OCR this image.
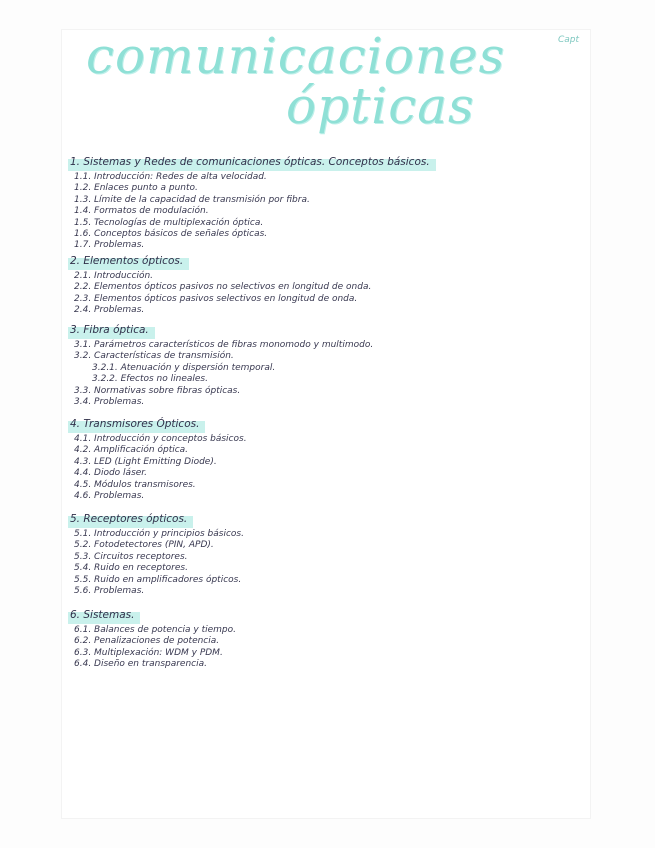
comunicaciones
ópticas
Capt
1. Sistemas y Redes de comunicaciones ópticas. Conceptos básicos.
1.1. Introducción: Redes de alta velocidad.
1.2. Enlaces punto a punto.
1.3. Límite de la capacidad de transmisión por fibra.
1.4. Formatos de modulación.
1.5. Tecnologías de multiplexación óptica.
1.6. Conceptos básicos de señales ópticas.
1.7. Problemas.
2. Elementos ópticos.
2.1. Introducción.
2.2. Elementos ópticos pasivos no selectivos en longitud de onda.
2.3. Elementos ópticos pasivos selectivos en longitud de onda.
2.4. Problemas.
3. Fibra óptica.
3.1. Parámetros característicos de fibras monomodo y multimodo.
3.2. Características de transmisión.
3.2.1. Atenuación y dispersión temporal.
3.2.2. Efectos no lineales.
3.3. Normativas sobre fibras ópticas.
3.4. Problemas.
4. Transmisores Ópticos.
4.1. Introducción y conceptos básicos.
4.2. Amplificación óptica.
4.3. LED (Light Emitting Diode).
4.4. Diodo láser.
4.5. Módulos transmisores.
4.6. Problemas.
5. Receptores ópticos.
5.1. Introducción y principios básicos.
5.2. Fotodetectores (PIN, APD).
5.3. Circuitos receptores.
5.4. Ruido en receptores.
5.5. Ruido en amplificadores ópticos.
5.6. Problemas.
6. Sistemas.
6.1. Balances de potencia y tiempo.
6.2. Penalizaciones de potencia.
6.3. Multiplexación: WDM y PDM.
6.4. Diseño en transparencia.
